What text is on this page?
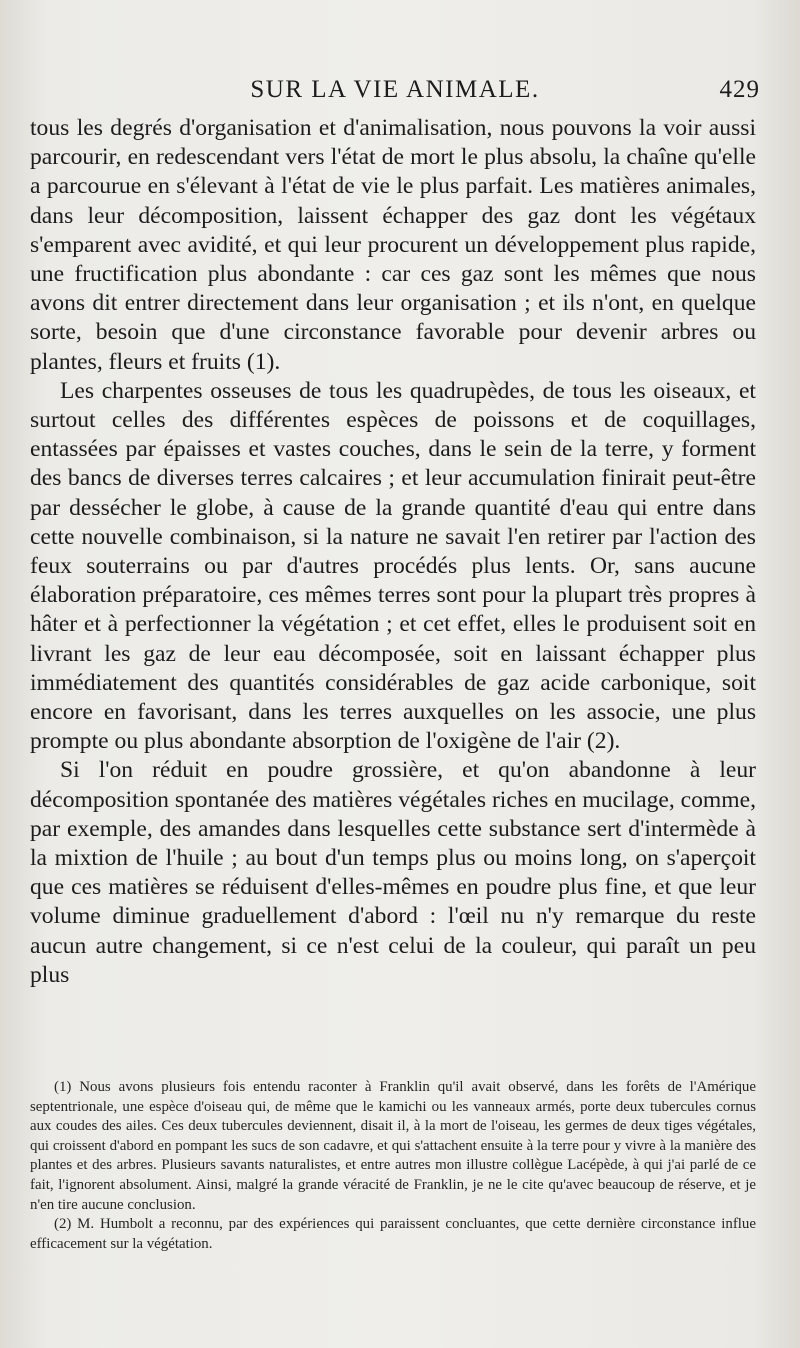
SUR LA VIE ANIMALE.	429

tous les degrés d'organisation et d'animalisation, nous pouvons la voir aussi parcourir, en redescendant vers l'état de mort le plus absolu, la chaîne qu'elle a parcourue en s'élevant à l'état de vie le plus parfait. Les matières animales, dans leur décomposition, laissent échapper des gaz dont les végétaux s'emparent avec avidité, et qui leur procurent un développement plus rapide, une fructification plus abondante : car ces gaz sont les mêmes que nous avons dit entrer directement dans leur organisation ; et ils n'ont, en quelque sorte, besoin que d'une circonstance favorable pour devenir arbres ou plantes, fleurs et fruits (1).

Les charpentes osseuses de tous les quadrupèdes, de tous les oiseaux, et surtout celles des différentes espèces de poissons et de coquillages, entassées par épaisses et vastes couches, dans le sein de la terre, y forment des bancs de diverses terres calcaires ; et leur accumulation finirait peut-être par dessécher le globe, à cause de la grande quantité d'eau qui entre dans cette nouvelle combinaison, si la nature ne savait l'en retirer par l'action des feux souterrains ou par d'autres procédés plus lents. Or, sans aucune élaboration préparatoire, ces mêmes terres sont pour la plupart très propres à hâter et à perfectionner la végétation ; et cet effet, elles le produisent soit en livrant les gaz de leur eau décomposée, soit en laissant échapper plus immédiatement des quantités considérables de gaz acide carbonique, soit encore en favorisant, dans les terres auxquelles on les associe, une plus prompte ou plus abondante absorption de l'oxigène de l'air (2).

Si l'on réduit en poudre grossière, et qu'on abandonne à leur décomposition spontanée des matières végétales riches en mucilage, comme, par exemple, des amandes dans lesquelles cette substance sert d'intermède à la mixtion de l'huile ; au bout d'un temps plus ou moins long, on s'aperçoit que ces matières se réduisent d'elles-mêmes en poudre plus fine, et que leur volume diminue graduellement d'abord : l'œil nu n'y remarque du reste aucun autre changement, si ce n'est celui de la couleur, qui paraît un peu plus

(1) Nous avons plusieurs fois entendu raconter à Franklin qu'il avait observé, dans les forêts de l'Amérique septentrionale, une espèce d'oiseau qui, de même que le kamichi ou les vanneaux armés, porte deux tubercules cornus aux coudes des ailes. Ces deux tubercules deviennent, disait il, à la mort de l'oiseau, les germes de deux tiges végétales, qui croissent d'abord en pompant les sucs de son cadavre, et qui s'attachent ensuite à la terre pour y vivre à la manière des plantes et des arbres. Plusieurs savants naturalistes, et entre autres mon illustre collègue Lacépède, à qui j'ai parlé de ce fait, l'ignorent absolument. Ainsi, malgré la grande véracité de Franklin, je ne le cite qu'avec beaucoup de réserve, et je n'en tire aucune conclusion.

(2) M. Humbolt a reconnu, par des expériences qui paraissent concluantes, que cette dernière circonstance influe efficacement sur la végétation.
